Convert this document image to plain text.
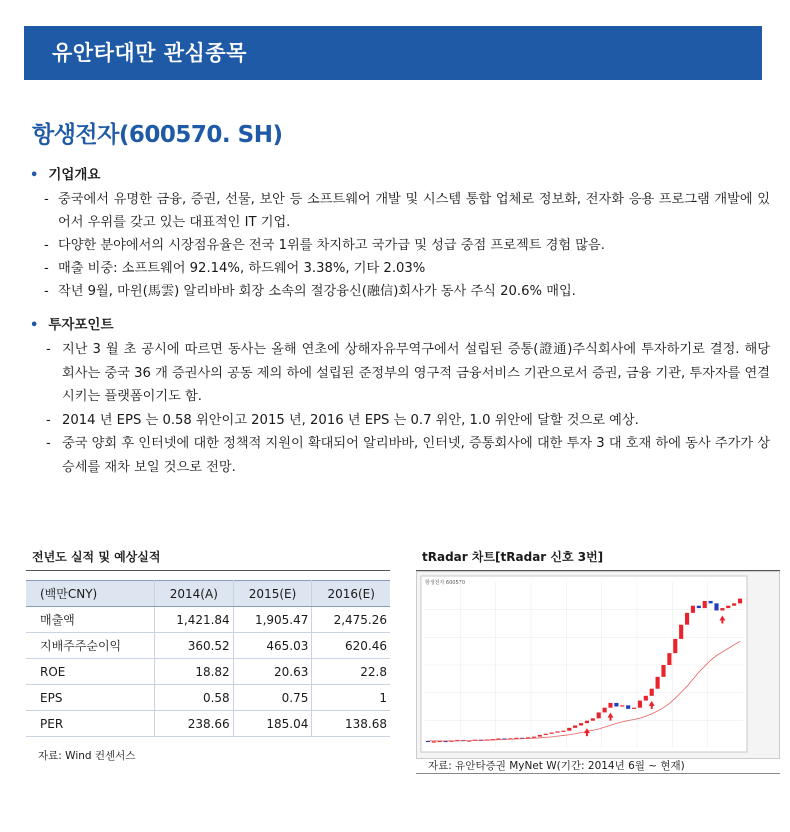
유안타대만 관심종목
항생전자(600570. SH)
• 기업개요
- 중국에서 유명한 금융, 증권, 선물, 보안 등 소프트웨어 개발 및 시스템 통합 업체로 정보화, 전자화 응용 프로그램 개발에 있어서 우위를 갖고 있는 대표적인 IT 기업.
- 다양한 분야에서의 시장점유율은 전국 1위를 차지하고 국가급 및 성급 중점 프로젝트 경험 많음.
- 매출 비중: 소프트웨어 92.14%, 하드웨어 3.38%, 기타 2.03%
- 작년 9월, 마윈(馬雲) 알리바바 회장 소속의 절강융신(融信)회사가 동사 주식 20.6% 매입.
• 투자포인트
- 지난 3 월 초 공시에 따르면 동사는 올해 연초에 상해자유무역구에서 설립된 증통(證通)주식회사에 투자하기로 결정. 해당 회사는 중국 36 개 증권사의 공동 제의 하에 설립된 준정부의 영구적 금융서비스 기관으로서 증권, 금융 기관, 투자자를 연결시키는 플랫폼이기도 함.
- 2014 년 EPS 는 0.58 위안이고 2015 년, 2016 년 EPS 는 0.7 위안, 1.0 위안에 달할 것으로 예상.
- 중국 양회 후 인터넷에 대한 정책적 지원이 확대되어 알리바바, 인터넷, 증통회사에 대한 투자 3 대 호재 하에 동사 주가가 상승세를 재차 보일 것으로 전망.
전년도 실적 및 예상실적
(백만CNY)	2014(A)	2015(E)	2016(E)
매출액	1,421.84	1,905.47	2,475.26
지배주주순이익	360.52	465.03	620.46
ROE	18.82	20.63	22.8
EPS	0.58	0.75	1
PER	238.66	185.04	138.68
자료: Wind 컨센서스
tRadar 차트[tRadar 신호 3번]
항생전자 600570
자료: 유안타증권 MyNet W(기간: 2014년 6월 ~ 현재)
